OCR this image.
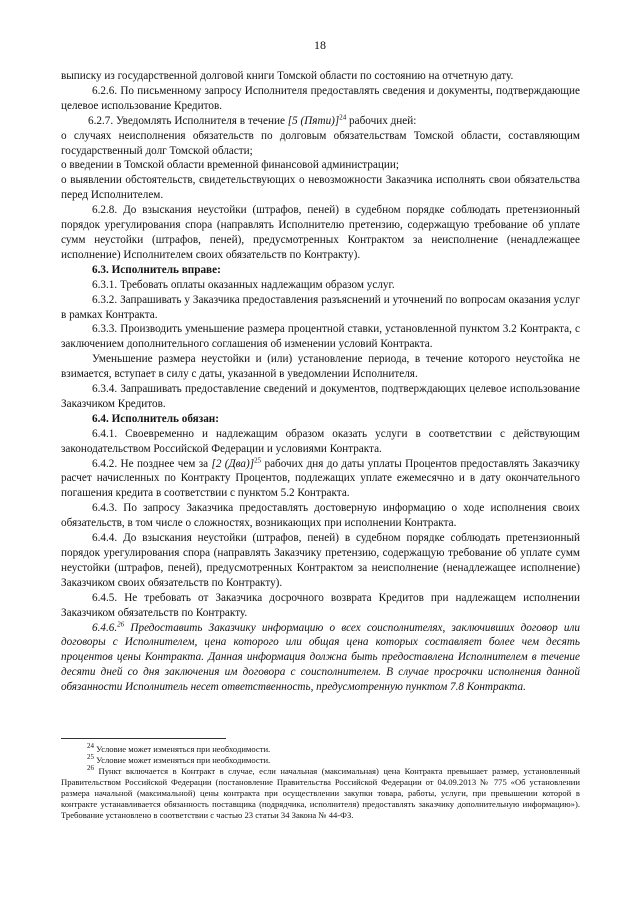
18

выписку из государственной долговой книги Томской области по состоянию на отчетную дату.

6.2.6. По письменному запросу Исполнителя предоставлять сведения и документы, подтверждающие целевое использование Кредитов.

6.2.7. Уведомлять Исполнителя в течение [5 (Пяти)]$^{24}$ рабочих дней:

о случаях неисполнения обязательств по долговым обязательствам Томской области, составляющим государственный долг Томской области;

о введении в Томской области временной финансовой администрации;

о выявлении обстоятельств, свидетельствующих о невозможности Заказчика исполнять свои обязательства перед Исполнителем.

6.2.8. До взыскания неустойки (штрафов, пеней) в судебном порядке соблюдать претензионный порядок урегулирования спора (направлять Исполнителю претензию, содержащую требование об уплате сумм неустойки (штрафов, пеней), предусмотренных Контрактом за неисполнение (ненадлежащее исполнение) Исполнителем своих обязательств по Контракту).

6.3. Исполнитель вправе:

6.3.1. Требовать оплаты оказанных надлежащим образом услуг.

6.3.2. Запрашивать у Заказчика предоставления разъяснений и уточнений по вопросам оказания услуг в рамках Контракта.

6.3.3. Производить уменьшение размера процентной ставки, установленной пунктом 3.2 Контракта, с заключением дополнительного соглашения об изменении условий Контракта.

Уменьшение размера неустойки и (или) установление периода, в течение которого неустойка не взимается, вступает в силу с даты, указанной в уведомлении Исполнителя.

6.3.4. Запрашивать предоставление сведений и документов, подтверждающих целевое использование Заказчиком Кредитов.

6.4. Исполнитель обязан:

6.4.1. Своевременно и надлежащим образом оказать услуги в соответствии с действующим законодательством Российской Федерации и условиями Контракта.

6.4.2. Не позднее чем за [2 (Два)]$^{25}$ рабочих дня до даты уплаты Процентов предоставлять Заказчику расчет начисленных по Контракту Процентов, подлежащих уплате ежемесячно и в дату окончательного погашения кредита в соответствии с пунктом 5.2 Контракта.

6.4.3. По запросу Заказчика предоставлять достоверную информацию о ходе исполнения своих обязательств, в том числе о сложностях, возникающих при исполнении Контракта.

6.4.4. До взыскания неустойки (штрафов, пеней) в судебном порядке соблюдать претензионный порядок урегулирования спора (направлять Заказчику претензию, содержащую требование об уплате сумм неустойки (штрафов, пеней), предусмотренных Контрактом за неисполнение (ненадлежащее исполнение) Заказчиком своих обязательств по Контракту).

6.4.5. Не требовать от Заказчика досрочного возврата Кредитов при надлежащем исполнении Заказчиком обязательств по Контракту.

6.4.6.26 Предоставить Заказчику информацию о всех соисполнителях, заключивших договор или договоры с Исполнителем, цена которого или общая цена которых составляет более чем десять процентов цены Контракта. Данная информация должна быть предоставлена Исполнителем в течение десяти дней со дня заключения им договора с соисполнителем. В случае просрочки исполнения данной обязанности Исполнитель несет ответственность, предусмотренную пунктом 7.8 Контракта.

$^{24}$ Условие может изменяться при необходимости.

$^{25}$ Условие может изменяться при необходимости.

$^{26}$ Пункт включается в Контракт в случае, если начальная (максимальная) цена Контракта превышает размер, установленный Правительством Российской Федерации (постановление Правительства Российской Федерации от 04.09.2013 № 775 «Об установлении размера начальной (максимальной) цены контракта при осуществлении закупки товара, работы, услуги, при превышении которой в контракте устанавливается обязанность поставщика (подрядчика, исполнителя) предоставлять заказчику дополнительную информацию»). Требование установлено в соответствии с частью 23 статьи 34 Закона № 44-ФЗ.
